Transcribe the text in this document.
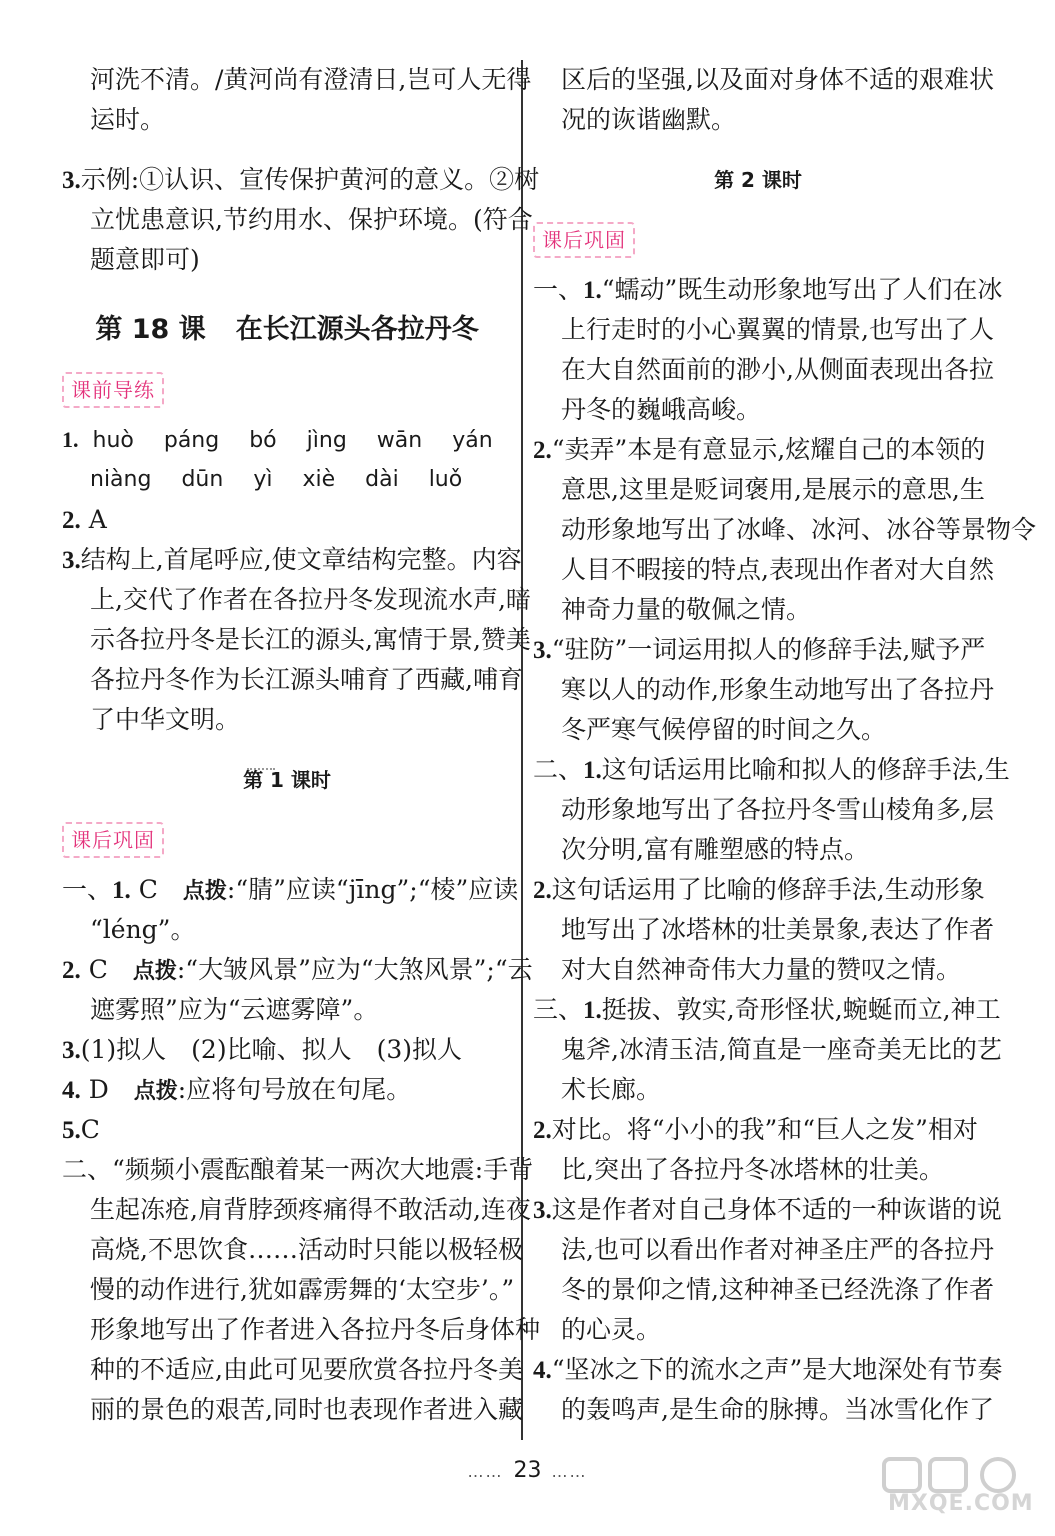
河洗不清。/黄河尚有澄清日,岂可人无得
运时。
3.示例:①认识、宣传保护黄河的意义。②树
立忧患意识,节约用水、保护环境。(符合
题意即可)
第 18 课 在长江源头各拉丹冬
课前导练
1. huò páng bó jìng wān yán
niàng dūn yì xiè dài luǒ
2. A
3.结构上,首尾呼应,使文章结构完整。内容
上,交代了作者在各拉丹冬发现流水声,暗
示各拉丹冬是长江的源头,寓情于景,赞美
各拉丹冬作为长江源头哺育了西藏,哺育
了中华文明。
第 1 课时
课后巩固
一、1. C　 点拨:“腈”应读“jīng”;“棱”应读
“léng”。
2. C　 点拨:“大皱风景”应为“大煞风景”;“云
遮雾照”应为“云遮雾障”。
3.(1)拟人　(2)比喻、拟人　(3)拟人
4. D　 点拨:应将句号放在句尾。
5.C
二、“频频小震酝酿着某一两次大地震:手背
生起冻疮,肩背脖颈疼痛得不敢活动,连夜
高烧,不思饮食……活动时只能以极轻极
慢的动作进行,犹如霹雳舞的‘太空步’。”
形象地写出了作者进入各拉丹冬后身体种
种的不适应,由此可见要欣赏各拉丹冬美
丽的景色的艰苦,同时也表现作者进入藏
区后的坚强,以及面对身体不适的艰难状
况的诙谐幽默。
第 2 课时
课后巩固
一、1.“蠕动”既生动形象地写出了人们在冰
上行走时的小心翼翼的情景,也写出了人
在大自然面前的渺小,从侧面表现出各拉
丹冬的巍峨高峻。
2.“卖弄”本是有意显示,炫耀自己的本领的
意思,这里是贬词褒用,是展示的意思,生
动形象地写出了冰峰、冰河、冰谷等景物令
人目不暇接的特点,表现出作者对大自然
神奇力量的敬佩之情。
3.“驻防”一词运用拟人的修辞手法,赋予严
寒以人的动作,形象生动地写出了各拉丹
冬严寒气候停留的时间之久。
二、1.这句话运用比喻和拟人的修辞手法,生
动形象地写出了各拉丹冬雪山棱角多,层
次分明,富有雕塑感的特点。
2.这句话运用了比喻的修辞手法,生动形象
地写出了冰塔林的壮美景象,表达了作者
对大自然神奇伟大力量的赞叹之情。
三、1.挺拔、敦实,奇形怪状,蜿蜒而立,神工
鬼斧,冰清玉洁,简直是一座奇美无比的艺
术长廊。
2.对比。将“小小的我”和“巨人之发”相对
比,突出了各拉丹冬冰塔林的壮美。
3.这是作者对自己身体不适的一种诙谐的说
法,也可以看出作者对神圣庄严的各拉丹
冬的景仰之情,这种神圣已经洗涤了作者
的心灵。
4.“坚冰之下的流水之声”是大地深处有节奏
的轰鸣声,是生命的脉搏。当冰雪化作了
…… 23 ……
MXQE.COM
